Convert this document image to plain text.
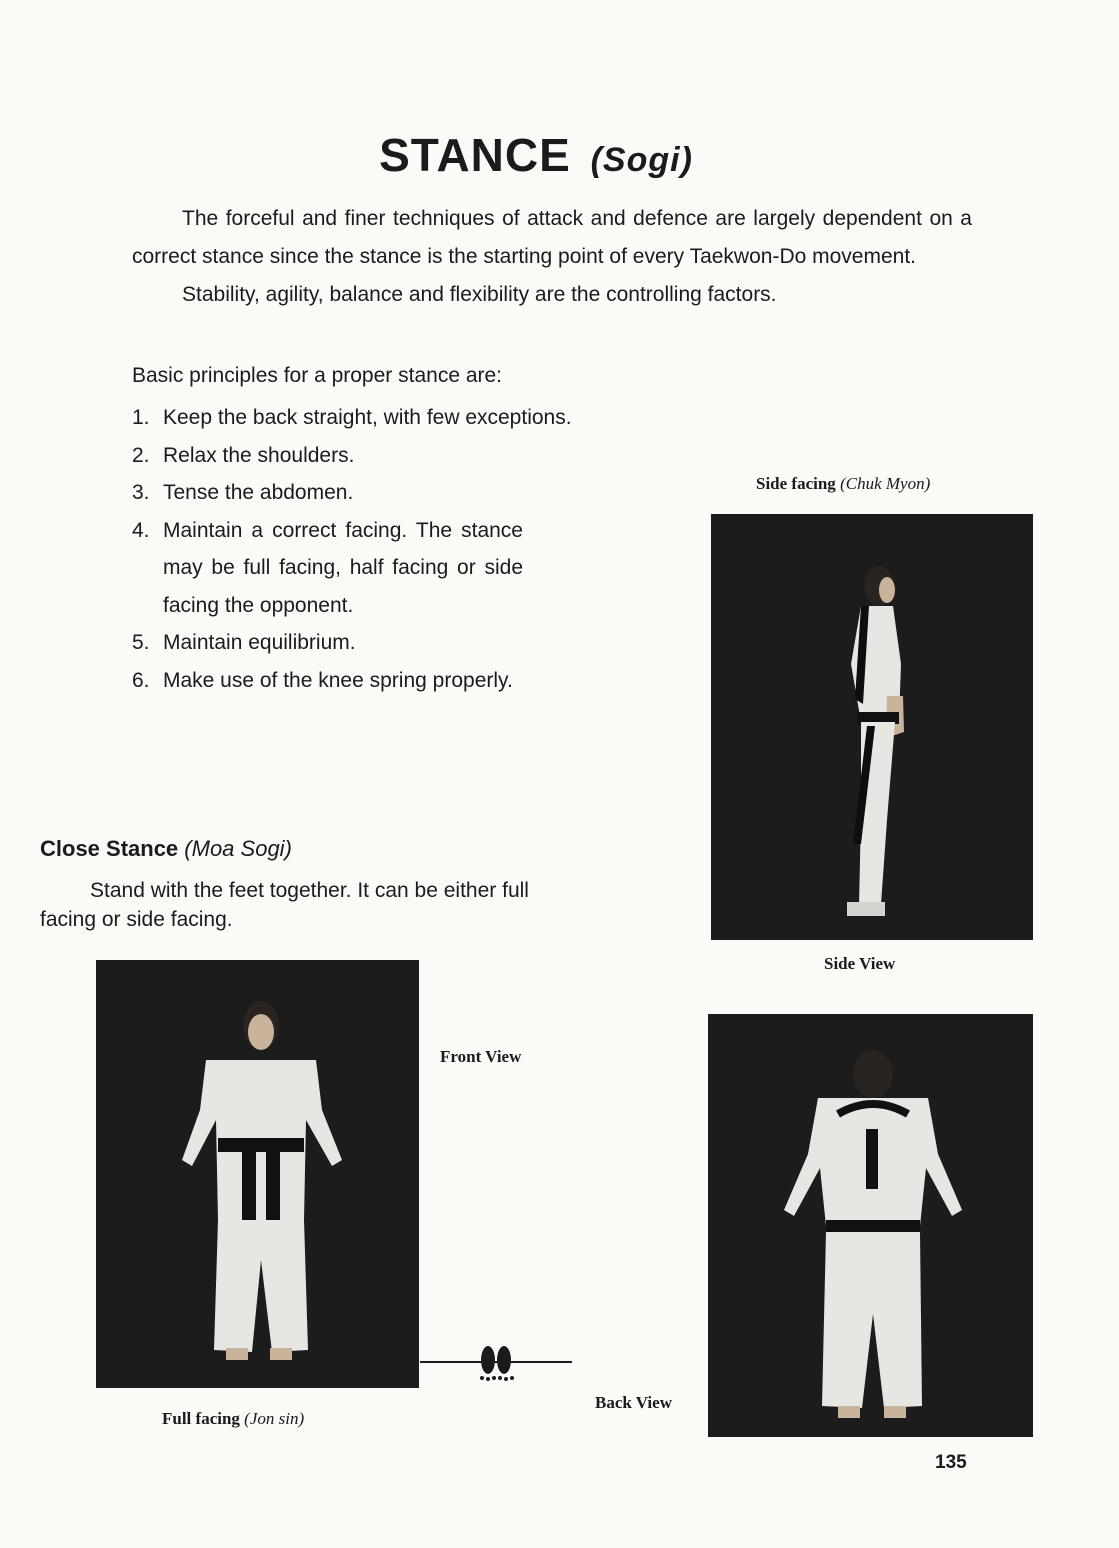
STANCE (Sogi)

The forceful and finer techniques of attack and defence are largely dependent on a correct stance since the stance is the starting point of every Taekwon-Do movement.

Stability, agility, balance and flexibility are the controlling factors.

Basic principles for a proper stance are:
1. Keep the back straight, with few exceptions.
2. Relax the shoulders.
3. Tense the abdomen.
4. Maintain a correct facing. The stance may be full facing, half facing or side facing the opponent.
5. Maintain equilibrium.
6. Make use of the knee spring properly.
Side facing (Chuk Myon)
Side View
Close Stance (Moa Sogi)
Stand with the feet together. It can be either full facing or side facing.
Front View
Full facing (Jon sin)
Back View
135
